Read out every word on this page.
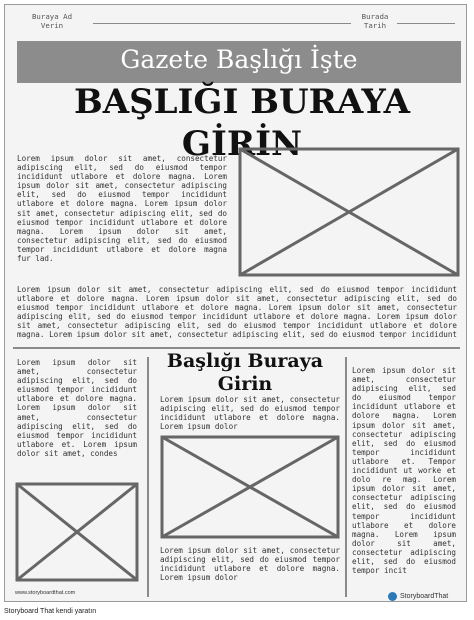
Buraya Ad
Verin
Burada
Tarih
Gazete Başlığı İşte
BAŞLIĞI BURAYA GİRİN
Lorem ipsum dolor sit amet, consectetur adipiscing elit, sed do eiusmod tempor incididunt utlabore et dolore magna. Lorem ipsum dolor sit amet, consectetur adipiscing elit, sed do eiusmod tempor incididunt utlabore et dolore magna. Lorem ipsum dolor sit amet, consectetur adipiscing elit, sed do eiusmod tempor incididunt utlabore et dolore magna. Lorem ipsum dolor sit amet, consectetur adipiscing elit, sed do eiusmod tempor incididunt utlabore et dolore magna fur lad.
Lorem ipsum dolor sit amet, consectetur adipiscing elit, sed do eiusmod tempor incididunt utlabore et dolore magna. Lorem ipsum dolor sit amet, consectetur adipiscing elit, sed do eiusmod tempor incididunt utlabore et dolore magna. Lorem ipsum dolor sit amet, consectetur adipiscing elit, sed do eiusmod tempor incididunt utlabore et dolore magna. Lorem ipsum dolor sit amet, consectetur adipiscing elit, sed do eiusmod tempor incididunt utlabore et dolore magna. Lorem ipsum dolor sit amet, consectetur adipiscing elit, sed do eiusmod tempor incididunt
Lorem ipsum dolor sit amet, consectetur adipiscing elit, sed do eiusmod tempor incididunt utlabore et dolore magna. Lorem ipsum dolor sit amet, consectetur adipiscing elit, sed do eiusmod tempor incididunt utlabore et. Lorem ipsum dolor sit amet, condes
www.storyboardthat.com
Başlığı Buraya Girin
Lorem ipsum dolor sit amet, consectetur adipiscing elit, sed do eiusmod tempor incididunt utlabore et dolore magna. Lorem ipsum dolor
Lorem ipsum dolor sit amet, consectetur adipiscing elit, sed do eiusmod tempor incididunt utlabore et dolore magna. Lorem ipsum dolor
Lorem ipsum dolor sit amet, consectetur adipiscing elit, sed do eiusmod tempor incididunt utlabore et dolore magna. Lorem ipsum dolor sit amet, consectetur adipiscing elit, sed do eiusmod tempor incididunt utlabore et. Tempor incididunt ut worke et dolo re mag. Lorem ipsum dolor sit amet, consectetur adipiscing elit, sed do eiusmod tempor incididunt utlabore et dolore magna. Lorem ipsum dolor sit amet, consectetur adipiscing elit, sed do eiusmod tempor incit
StoryboardThat
Storyboard That kendi yaratın
